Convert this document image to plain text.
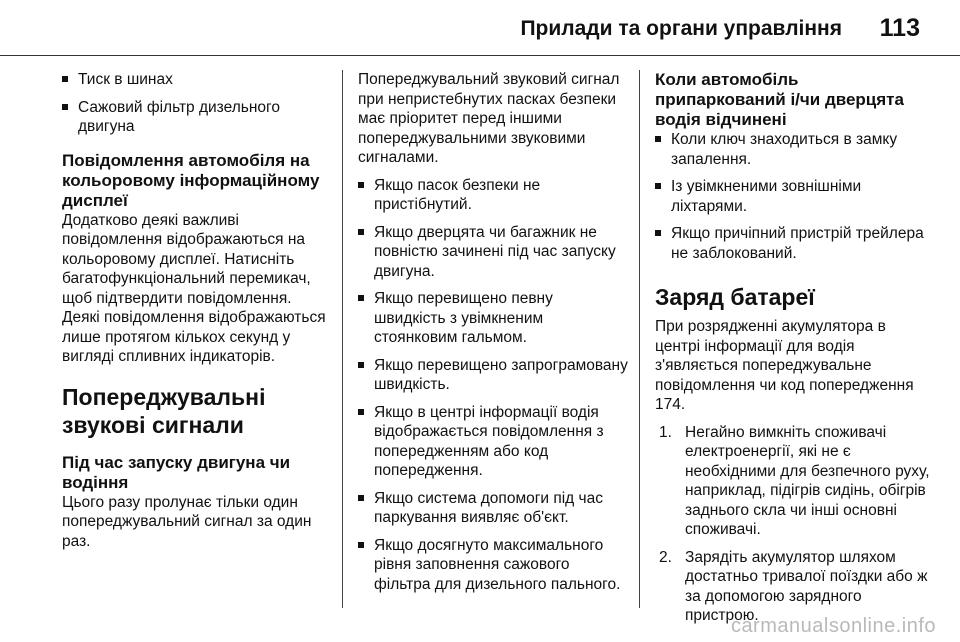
Прилади та органи управління 113
Тиск в шинах
Сажовий фільтр дизельного двигуна
Повідомлення автомобіля на кольоровому інформаційному дисплеї

Додатково деякі важливі повідомлення відображаються на кольоровому дисплеї. Натисніть багатофункціональний перемикач, щоб підтвердити повідомлення. Деякі повідомлення відображаються лише протягом кількох секунд у вигляді спливних індикаторів.

Попереджувальні звукові сигнали
Під час запуску двигуна чи водіння

Цього разу пролунає тільки один попереджувальний сигнал за один раз.

Попереджувальний звуковий сигнал при непристебнутих пасках безпеки має пріоритет перед іншими попереджувальними звуковими сигналами.

Якщо пасок безпеки не пристібнутий.
Якщо дверцята чи багажник не повністю зачинені під час запуску двигуна.
Якщо перевищено певну швидкість з увімкненим стоянковим гальмом.
Якщо перевищено запрограмовану швидкість.
Якщо в центрі інформації водія відображається повідомлення з попередженням або код попередження.
Якщо система допомоги під час паркування виявляє об'єкт.
Якщо досягнуто максимального рівня заповнення сажового фільтра для дизельного пального.
Коли автомобіль припаркований і/чи дверцята водія відчинені
Коли ключ знаходиться в замку запалення.
Із увімкненими зовнішніми ліхтарями.
Якщо причіпний пристрій трейлера не заблокований.
Заряд батареї

При розрядженні акумулятора в центрі інформації для водія з'являється попереджувальне повідомлення чи код попередження 174.

1. Негайно вимкніть споживачі електроенергії, які не є необхідними для безпечного руху, наприклад, підігрів сидінь, обігрів заднього скла чи інші основні споживачі.
2. Зарядіть акумулятор шляхом достатньо тривалої поїздки або ж за допомогою зарядного пристрою.
carmanualsonline.info
